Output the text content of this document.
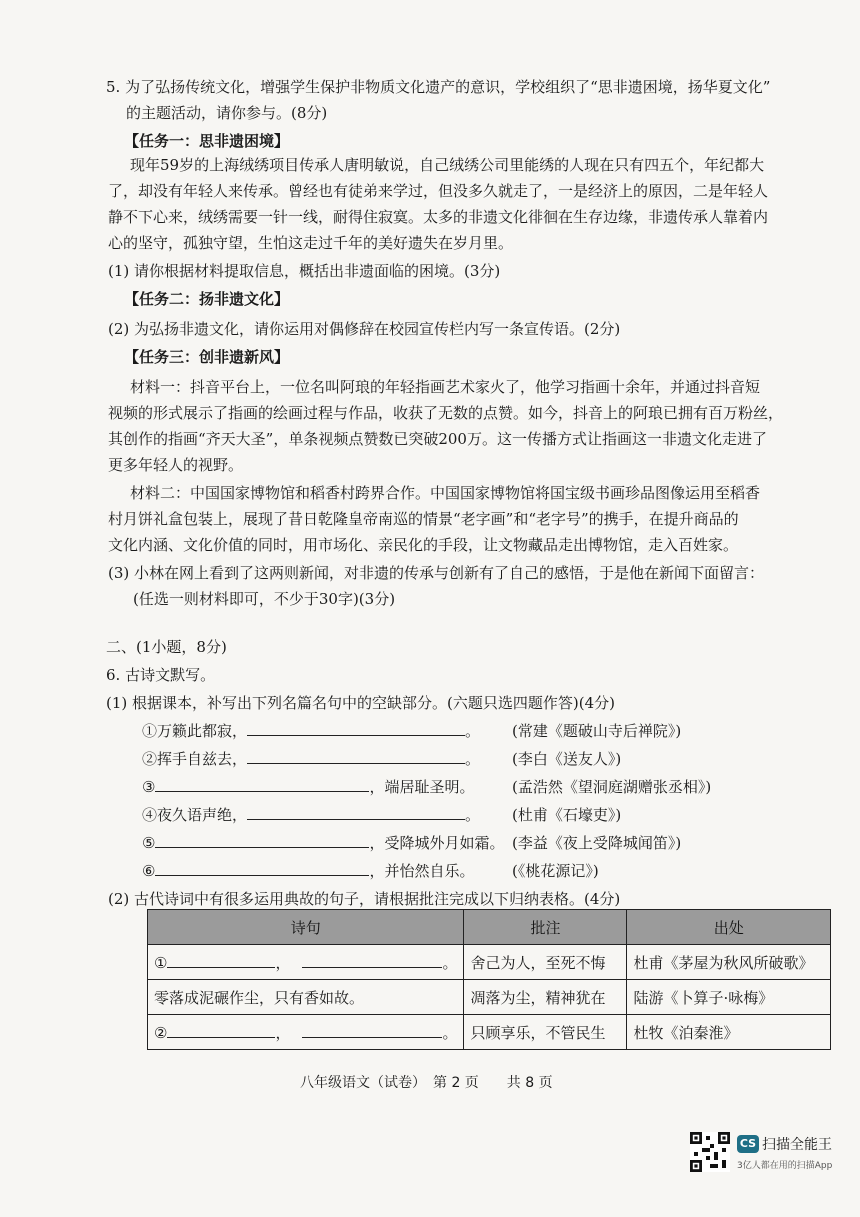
5. 为了弘扬传统文化，增强学生保护非物质文化遗产的意识，学校组织了“思非遗困境，扬华夏文化”
的主题活动，请你参与。(8分)
【任务一：思非遗困境】
现年59岁的上海绒绣项目传承人唐明敏说，自己绒绣公司里能绣的人现在只有四五个，年纪都大
了，却没有年轻人来传承。曾经也有徒弟来学过，但没多久就走了，一是经济上的原因，二是年轻人
静不下心来，绒绣需要一针一线，耐得住寂寞。太多的非遗文化徘徊在生存边缘，非遗传承人靠着内
心的坚守，孤独守望，生怕这走过千年的美好遗失在岁月里。
(1) 请你根据材料提取信息，概括出非遗面临的困境。(3分)
【任务二：扬非遗文化】
(2) 为弘扬非遗文化，请你运用对偶修辞在校园宣传栏内写一条宣传语。(2分)
【任务三：创非遗新风】
材料一：抖音平台上，一位名叫阿琅的年轻指画艺术家火了，他学习指画十余年，并通过抖音短
视频的形式展示了指画的绘画过程与作品，收获了无数的点赞。如今，抖音上的阿琅已拥有百万粉丝，
其创作的指画“齐天大圣”，单条视频点赞数已突破200万。这一传播方式让指画这一非遗文化走进了
更多年轻人的视野。
材料二：中国国家博物馆和稻香村跨界合作。中国国家博物馆将国宝级书画珍品图像运用至稻香
村月饼礼盒包装上，展现了昔日乾隆皇帝南巡的情景“老字画”和“老字号”的携手，在提升商品的
文化内涵、文化价值的同时，用市场化、亲民化的手段，让文物藏品走出博物馆，走入百姓家。
(3) 小林在网上看到了这两则新闻，对非遗的传承与创新有了自己的感悟，于是他在新闻下面留言：
(任选一则材料即可，不少于30字)(3分)
二、(1小题，8分)
6. 古诗文默写。
(1) 根据课本，补写出下列名篇名句中的空缺部分。(六题只选四题作答)(4分)
①万籁此都寂，	。 (常建《题破山寺后禅院》)
②挥手自兹去，	。 (李白《送友人》)
③	，端居耻圣明。	(孟浩然《望洞庭湖赠张丞相》)
④夜久语声绝，	。 (杜甫《石壕吏》)
⑤	，受降城外月如霜。 (李益《夜上受降城闻笛》)
⑥	，并怡然自乐。	(《桃花源记》)
(2) 古代诗词中有很多运用典故的句子，请根据批注完成以下归纳表格。(4分)
诗句	批注	出处
① ， 。	舍己为人，至死不悔	杜甫《茅屋为秋风所破歌》
零落成泥碾作尘，只有香如故。	凋落为尘，精神犹在	陆游《卜算子·咏梅》
② ， 。	只顾享乐，不管民生	杜牧《泊秦淮》
八年级语文（试卷）　第 2 页　　共 8 页
CS 扫描全能王
3亿人都在用的扫描App
